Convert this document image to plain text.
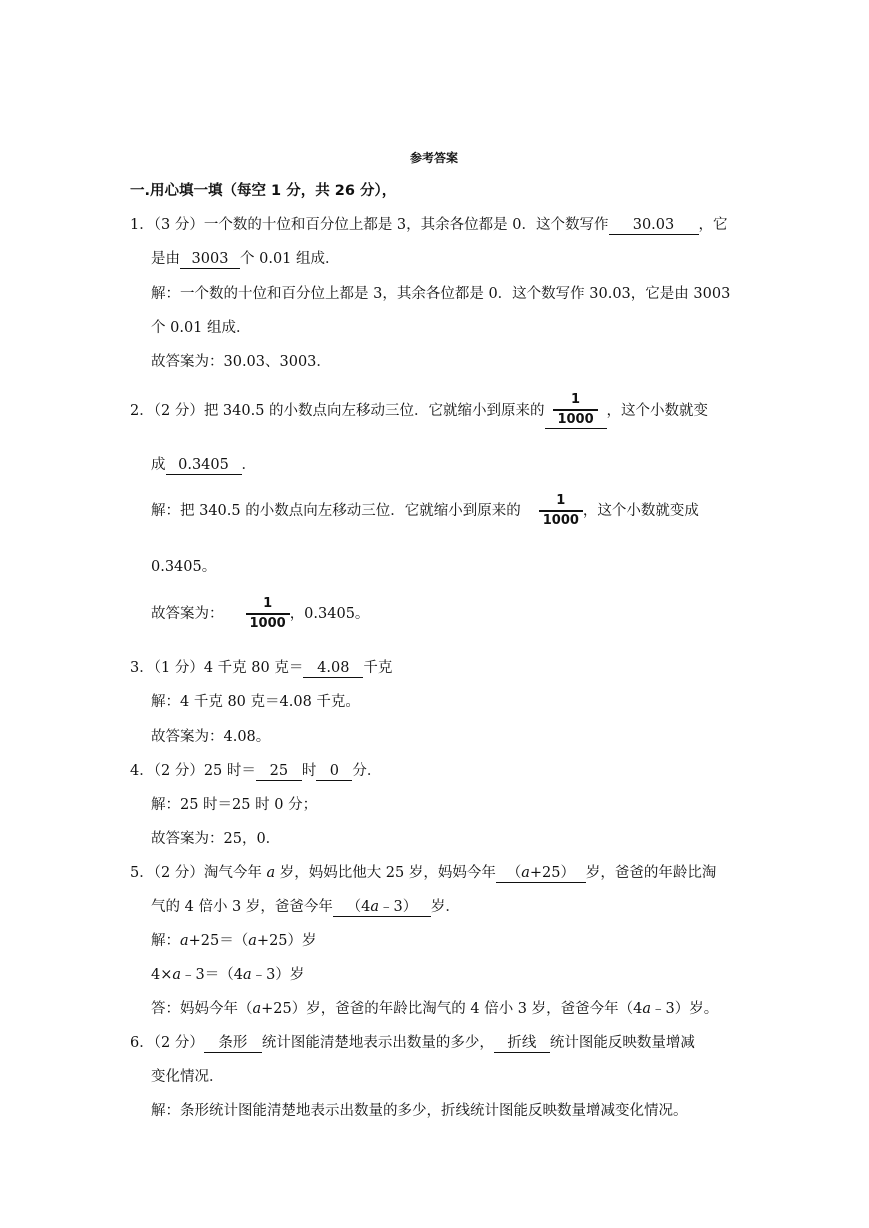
参考答案
一.用心填一填（每空 1 分，共 26 分），
1．（3 分）一个数的十位和百分位上都是 3，其余各位都是 0．这个数写作 30.03 ，它
是由 3003 个 0.01 组成．
解：一个数的十位和百分位上都是 3，其余各位都是 0．这个数写作 30.03，它是由 3003
个 0.01 组成．
故答案为：30.03、3003．
2．（2 分）把 340.5 的小数点向左移动三位．它就缩小到原来的 $\frac{1}{1000}$ ，这个小数就变
成 0.3405 ．
解：把 340.5 的小数点向左移动三位．它就缩小到原来的 $\frac{1}{1000}$ ，这个小数就变成
0.3405。
故答案为： $\frac{1}{1000}$ ，0.3405。
3．（1 分）4 千克 80 克＝ 4.08 千克
解：4 千克 80 克＝4.08 千克。
故答案为：4.08。
4．（2 分）25 时＝ 25 时 0 分．
解：25 时＝25 时 0 分；
故答案为：25，0．
5．（2 分）淘气今年 a 岁，妈妈比他大 25 岁，妈妈今年 （a+25） 岁，爸爸的年龄比淘
气的 4 倍小 3 岁，爸爸今年 （4a﹣3） 岁．
解：a+25＝（a+25）岁
4×a﹣3＝（4a﹣3）岁
答：妈妈今年（a+25）岁，爸爸的年龄比淘气的 4 倍小 3 岁，爸爸今年（4a﹣3）岁。
6．（2 分） 条形 统计图能清楚地表示出数量的多少， 折线 统计图能反映数量增减
变化情况．
解：条形统计图能清楚地表示出数量的多少，折线统计图能反映数量增减变化情况。
